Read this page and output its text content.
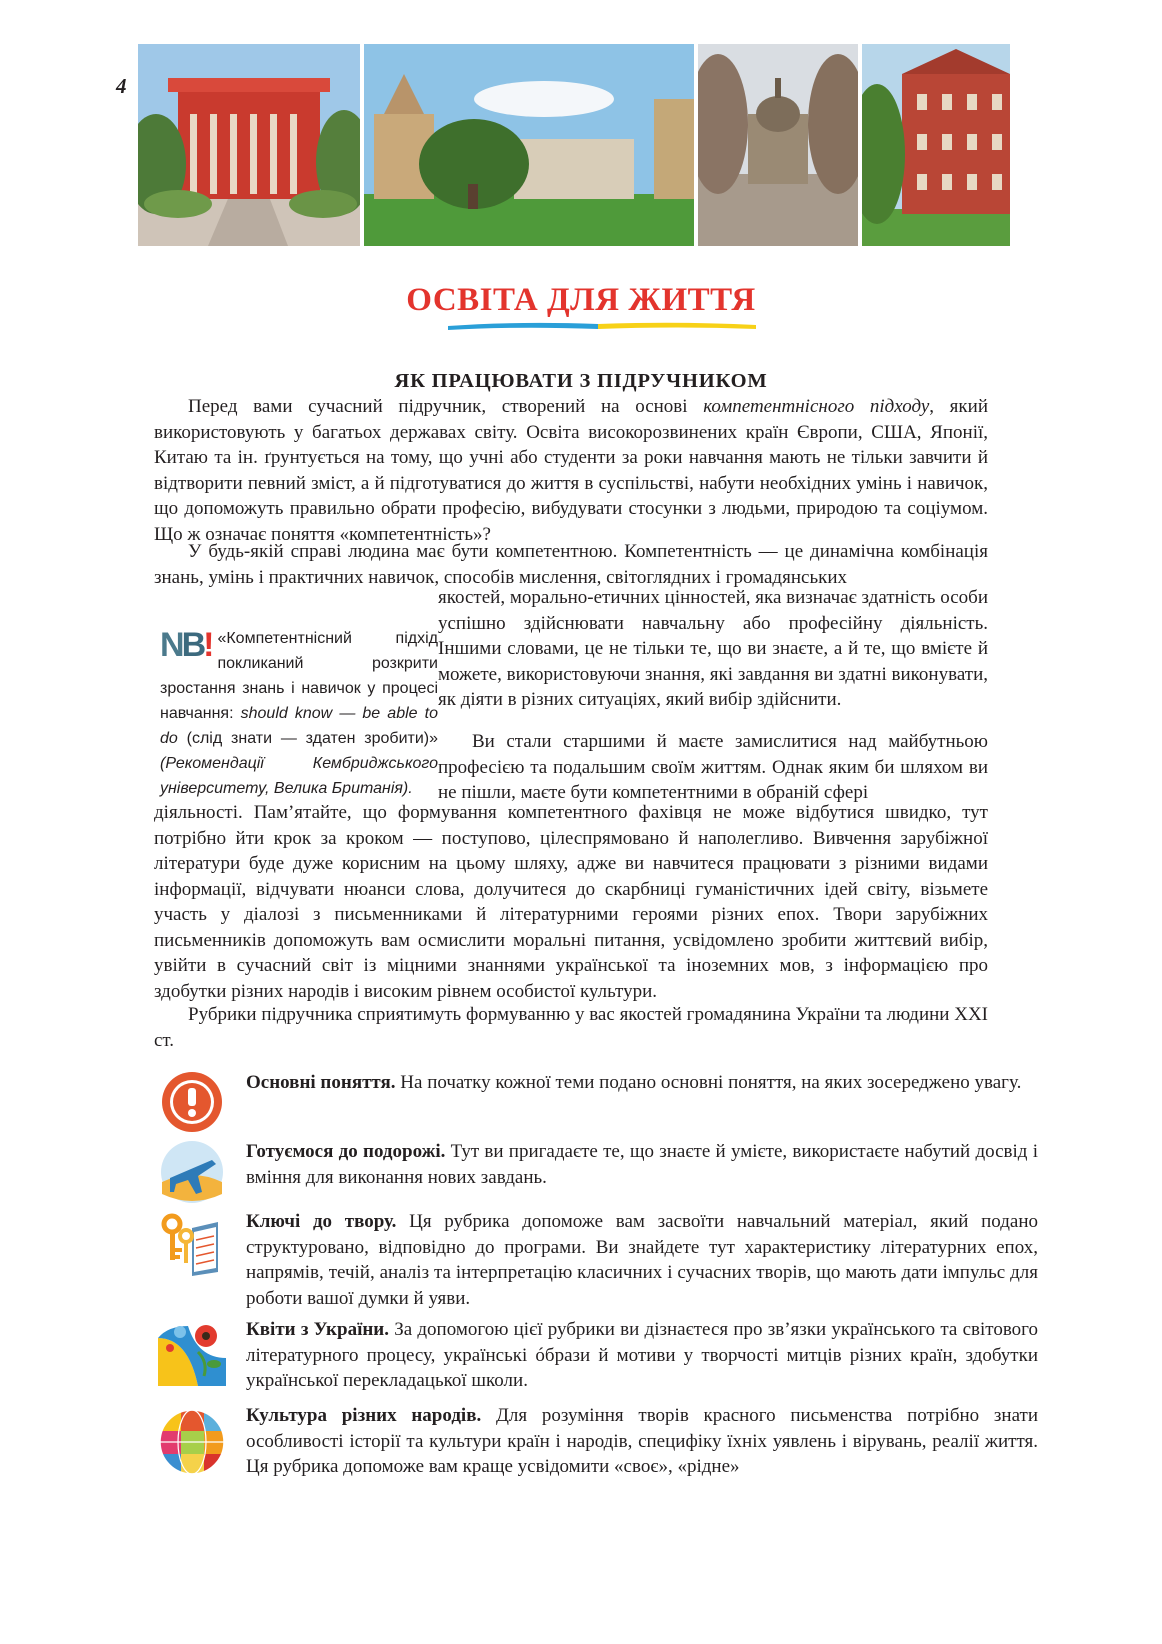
4
ОСВІТА ДЛЯ ЖИТТЯ
ЯК ПРАЦЮВАТИ З ПІДРУЧНИКОМ

Перед вами сучасний підручник, створений на основі компетентнісного підходу, який використовують у багатьох державах світу. Освіта високорозвинених країн Європи, США, Японії, Китаю та ін. ґрунтується на тому, що учні або студенти за роки навчання мають не тільки завчити й відтворити певний зміст, а й підготуватися до життя в суспільстві, набути необхідних умінь і навичок, що допоможуть правильно обрати професію, вибудувати стосунки з людьми, природою та соціумом. Що ж означає поняття «компетентність»?

У будь-якій справі людина має бути компетентною. Компетентність — це динамічна комбінація знань, умінь і практичних навичок, способів мислення, світоглядних і громадянських

NB! «Компетентнісний підхід покликаний розкрити зростання знань і навичок у процесі навчання: should know — be able to do (слід знати — здатен зробити)» (Рекомендації Кембриджського університету, Велика Британія).

якостей, морально-етичних цінностей, яка визначає здатність особи успішно здійснювати навчальну або професійну діяльність. Іншими словами, це не тільки те, що ви знаєте, а й те, що вмієте й можете, використовуючи знання, які завдання ви здатні виконувати, як діяти в різних ситуаціях, який вибір здійснити.

Ви стали старшими й маєте замислитися над майбутньою професією та подальшим своїм життям. Однак яким би шляхом ви не пішли, маєте бути компетентними в обраній сфері

діяльності. Пам’ятайте, що формування компетентного фахівця не може відбутися швидко, тут потрібно йти крок за кроком — поступово, цілеспрямовано й наполегливо. Вивчення зарубіжної літератури буде дуже корисним на цьому шляху, адже ви навчитеся працювати з різними видами інформації, відчувати нюанси слова, долучитеся до скарбниці гуманістичних ідей світу, візьмете участь у діалозі з письменниками й літературними героями різних епох. Твори зарубіжних письменників допоможуть вам осмислити моральні питання, усвідомлено зробити життєвий вибір, увійти в сучасний світ із міцними знаннями української та іноземних мов, з інформацією про здобутки різних народів і високим рівнем особистої культури.

Рубрики підручника сприятимуть формуванню у вас якостей громадянина України та людини XXI ст.

Основні поняття. На початку кожної теми подано основні поняття, на яких зосереджено увагу.

Готуємося до подорожі. Тут ви пригадаєте те, що знаєте й умієте, використаєте набутий досвід і вміння для виконання нових завдань.

Ключі до твору. Ця рубрика допоможе вам засвоїти навчальний матеріал, який подано структуровано, відповідно до програми. Ви знайдете тут характеристику літературних епох, напрямів, течій, аналіз та інтерпретацію класичних і сучасних творів, що мають дати імпульс для роботи вашої думки й уяви.

Квіти з України. За допомогою цієї рубрики ви дізнаєтеся про зв’язки українського та світового літературного процесу, українські óбрази й мотиви у творчості митців різних країн, здобутки української перекладацької школи.

Культура різних народів. Для розуміння творів красного письменства потрібно знати особливості історії та культури країн і народів, специфіку їхніх уявлень і вірувань, реалії життя. Ця рубрика допоможе вам краще усвідомити «своє», «рідне»
